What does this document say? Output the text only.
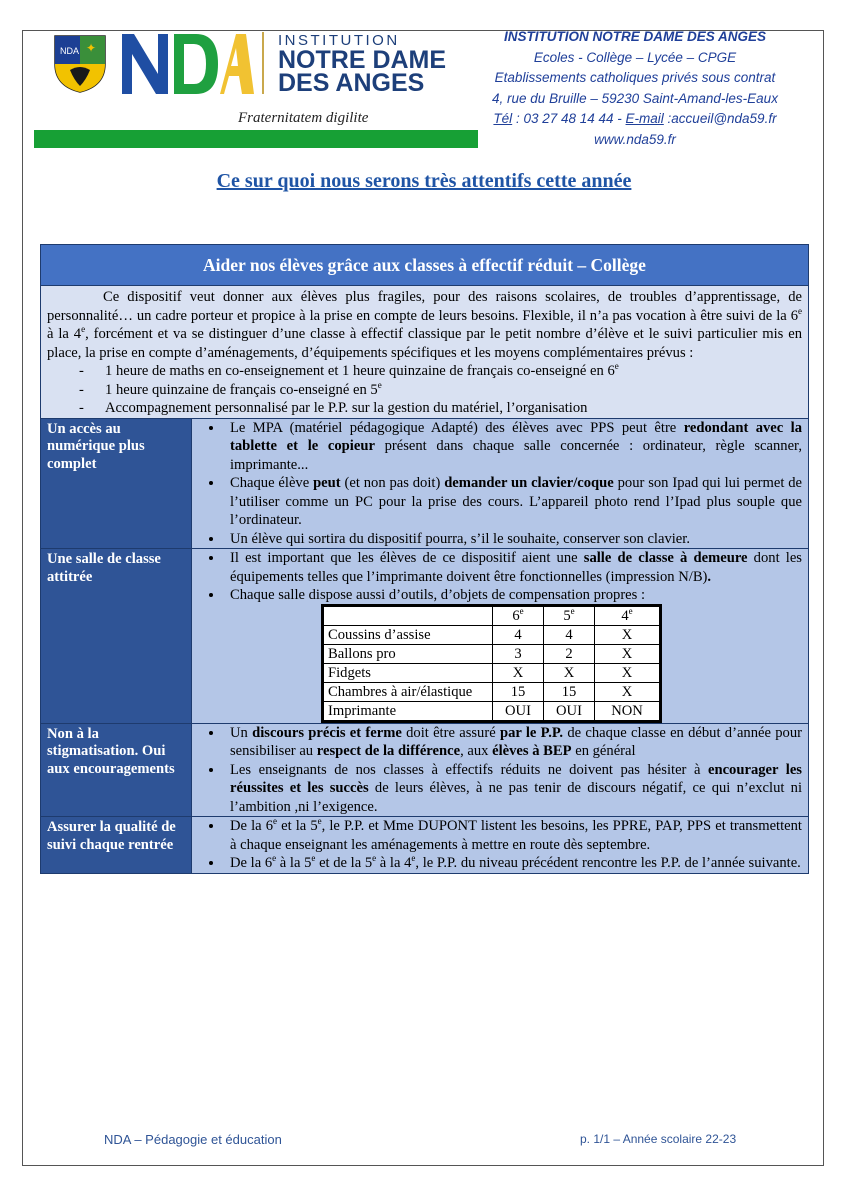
NDA ✦	INSTITUTION
NOTRE DAME
DES ANGES
Fraternitatem digilite
INSTITUTION NOTRE DAME DES ANGES
Ecoles - Collège – Lycée – CPGE
Etablissements catholiques privés sous contrat
4, rue du Bruille – 59230 Saint-Amand-les-Eaux
Tél : 03 27 48 14 44 - E-mail :accueil@nda59.fr
www.nda59.fr
Ce sur quoi nous serons très attentifs cette année
Aider nos élèves grâce aux classes à effectif réduit – Collège

Ce dispositif veut donner aux élèves plus fragiles, pour des raisons scolaires, de troubles d’apprentissage, de personnalité… un cadre porteur et propice à la prise en compte de leurs besoins. Flexible, il n’a pas vocation à être suivi de la 6e à la 4e, forcément et va se distinguer d’une classe à effectif classique par le petit nombre d’élève et le suivi particulier mis en place, la prise en compte d’aménagements, d’équipements spécifiques et les moyens complémentaires prévus :
- 1 heure de maths en co-enseignement et 1 heure quinzaine de français co-enseigné en 6e
- 1 heure quinzaine de français co-enseigné en 5e
- Accompagnement personnalisé par le P.P. sur la gestion du matériel, l’organisation

Un accès au numérique plus complet	
• Le MPA (matériel pédagogique Adapté) des élèves avec PPS peut être redondant avec la tablette et le copieur présent dans chaque salle concernée : ordinateur, règle scanner, imprimante...
• Chaque élève peut (et non pas doit) demander un clavier/coque pour son Ipad qui lui permet de l’utiliser comme un PC pour la prise des cours. L’appareil photo rend l’Ipad plus souple que l’ordinateur.
• Un élève qui sortira du dispositif pourra, s’il le souhaite, conserver son clavier.

Une salle de classe attitrée	
• Il est important que les élèves de ce dispositif aient une salle de classe à demeure dont les équipements telles que l’imprimante doivent être fonctionnelles (impression N/B).
• Chaque salle dispose aussi d’outils, d’objets de compensation propres :
	6e	5e	4e
Coussins d’assise	4	4	X
Ballons pro	3	2	X
Fidgets	X	X	X
Chambres à air/élastique	15	15	X
Imprimante	OUI	OUI	NON

Non à la stigmatisation. Oui aux encouragements	
• Un discours précis et ferme doit être assuré par le P.P. de chaque classe en début d’année pour sensibiliser au respect de la différence, aux élèves à BEP en général
• Les enseignants de nos classes à effectifs réduits ne doivent pas hésiter à encourager les réussites et les succès de leurs élèves, à ne pas tenir de discours négatif, ce qui n’exclut ni l’ambition ,ni l’exigence.

Assurer la qualité de suivi chaque rentrée	
• De la 6e et la 5e, le P.P. et Mme DUPONT listent les besoins, les PPRE, PAP, PPS et transmettent à chaque enseignant les aménagements à mettre en route dès septembre.
• De la 6e à la 5e et de la 5e à la 4e, le P.P. du niveau précédent rencontre les P.P. de l’année suivante.
NDA – Pédagogie et éducation	p. 1/1 – Année scolaire 22-23
